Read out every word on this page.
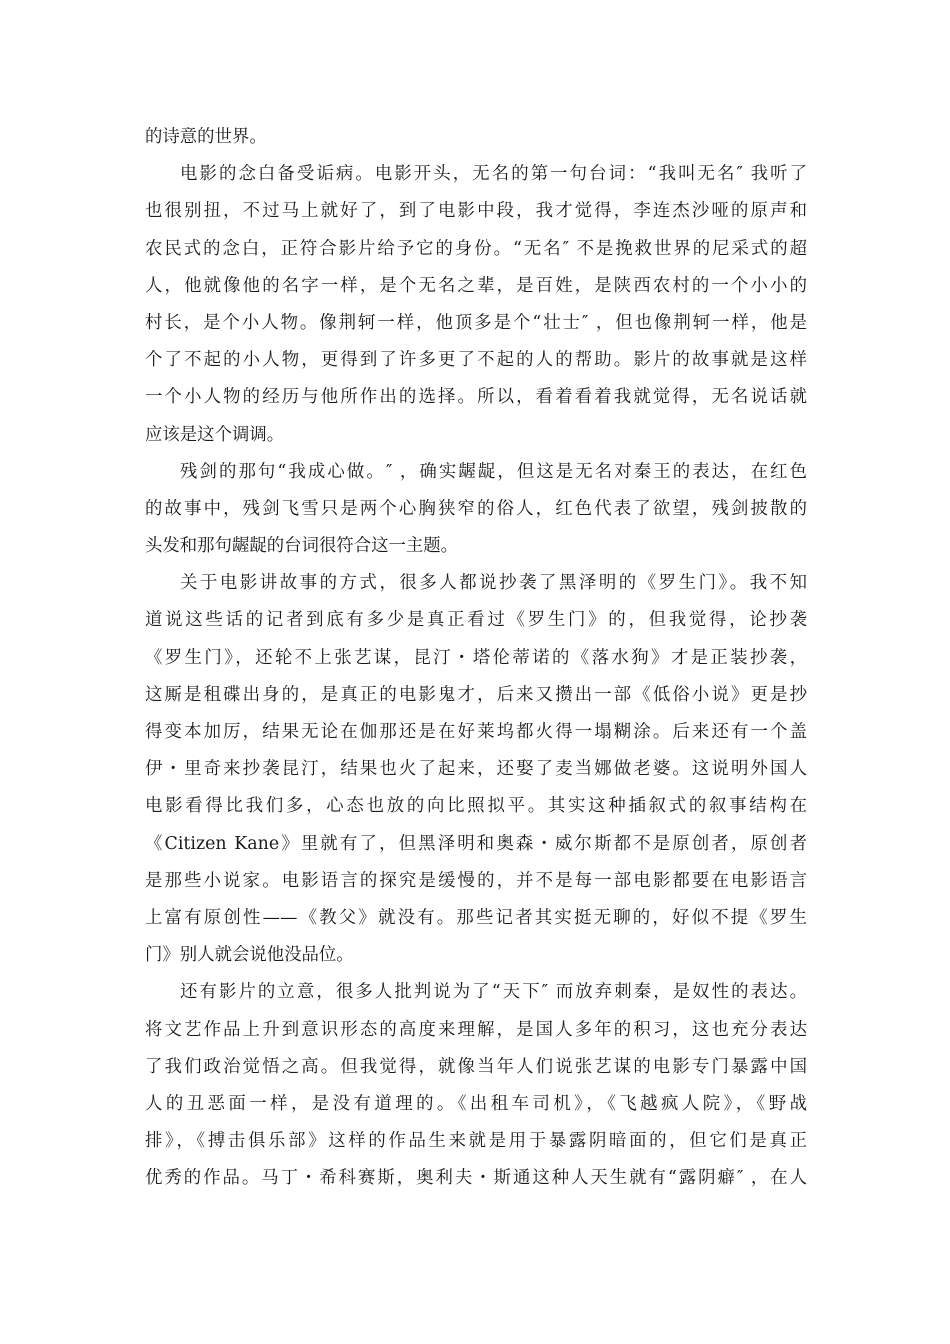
的诗意的世界。
电影的念白备受诟病。电影开头，无名的第一句台词：“我叫无名″ 我听了
也很别扭，不过马上就好了，到了电影中段，我才觉得，李连杰沙哑的原声和
农民式的念白，正符合影片给予它的身份。“无名″ 不是挽救世界的尼采式的超
人，他就像他的名字一样，是个无名之辈，是百姓，是陕西农村的一个小小的
村长，是个小人物。像荆轲一样，他顶多是个“壮士″ ，但也像荆轲一样，他是
个了不起的小人物，更得到了许多更了不起的人的帮助。影片的故事就是这样
一个小人物的经历与他所作出的选择。所以，看着看着我就觉得，无名说话就
应该是这个调调。
残剑的那句“我成心做。″ ，确实龌龊，但这是无名对秦王的表达，在红色
的故事中，残剑飞雪只是两个心胸狭窄的俗人，红色代表了欲望，残剑披散的
头发和那句龌龊的台词很符合这一主题。
关于电影讲故事的方式，很多人都说抄袭了黑泽明的《罗生门》。我不知
道说这些话的记者到底有多少是真正看过《罗生门》的，但我觉得，论抄袭
《罗生门》，还轮不上张艺谋，昆汀・塔伦蒂诺的《落水狗》才是正装抄袭，
这厮是租碟出身的，是真正的电影鬼才，后来又攒出一部《低俗小说》更是抄
得变本加厉，结果无论在伽那还是在好莱坞都火得一塌糊涂。后来还有一个盖
伊・里奇来抄袭昆汀，结果也火了起来，还娶了麦当娜做老婆。这说明外国人
电影看得比我们多，心态也放的向比照拟平。其实这种插叙式的叙事结构在
《Citizen Kane》里就有了，但黑泽明和奥森・威尔斯都不是原创者，原创者
是那些小说家。电影语言的探究是缓慢的，并不是每一部电影都要在电影语言
上富有原创性——《教父》就没有。那些记者其实挺无聊的，好似不提《罗生
门》别人就会说他没品位。
还有影片的立意，很多人批判说为了“天下″ 而放弃刺秦，是奴性的表达。
将文艺作品上升到意识形态的高度来理解，是国人多年的积习，这也充分表达
了我们政治觉悟之高。但我觉得，就像当年人们说张艺谋的电影专门暴露中国
人的丑恶面一样，是没有道理的。《出租车司机》，《飞越疯人院》，《野战
排》，《搏击俱乐部》这样的作品生来就是用于暴露阴暗面的，但它们是真正
优秀的作品。马丁・希科赛斯，奥利夫・斯通这种人天生就有“露阴癖″ ，在人
